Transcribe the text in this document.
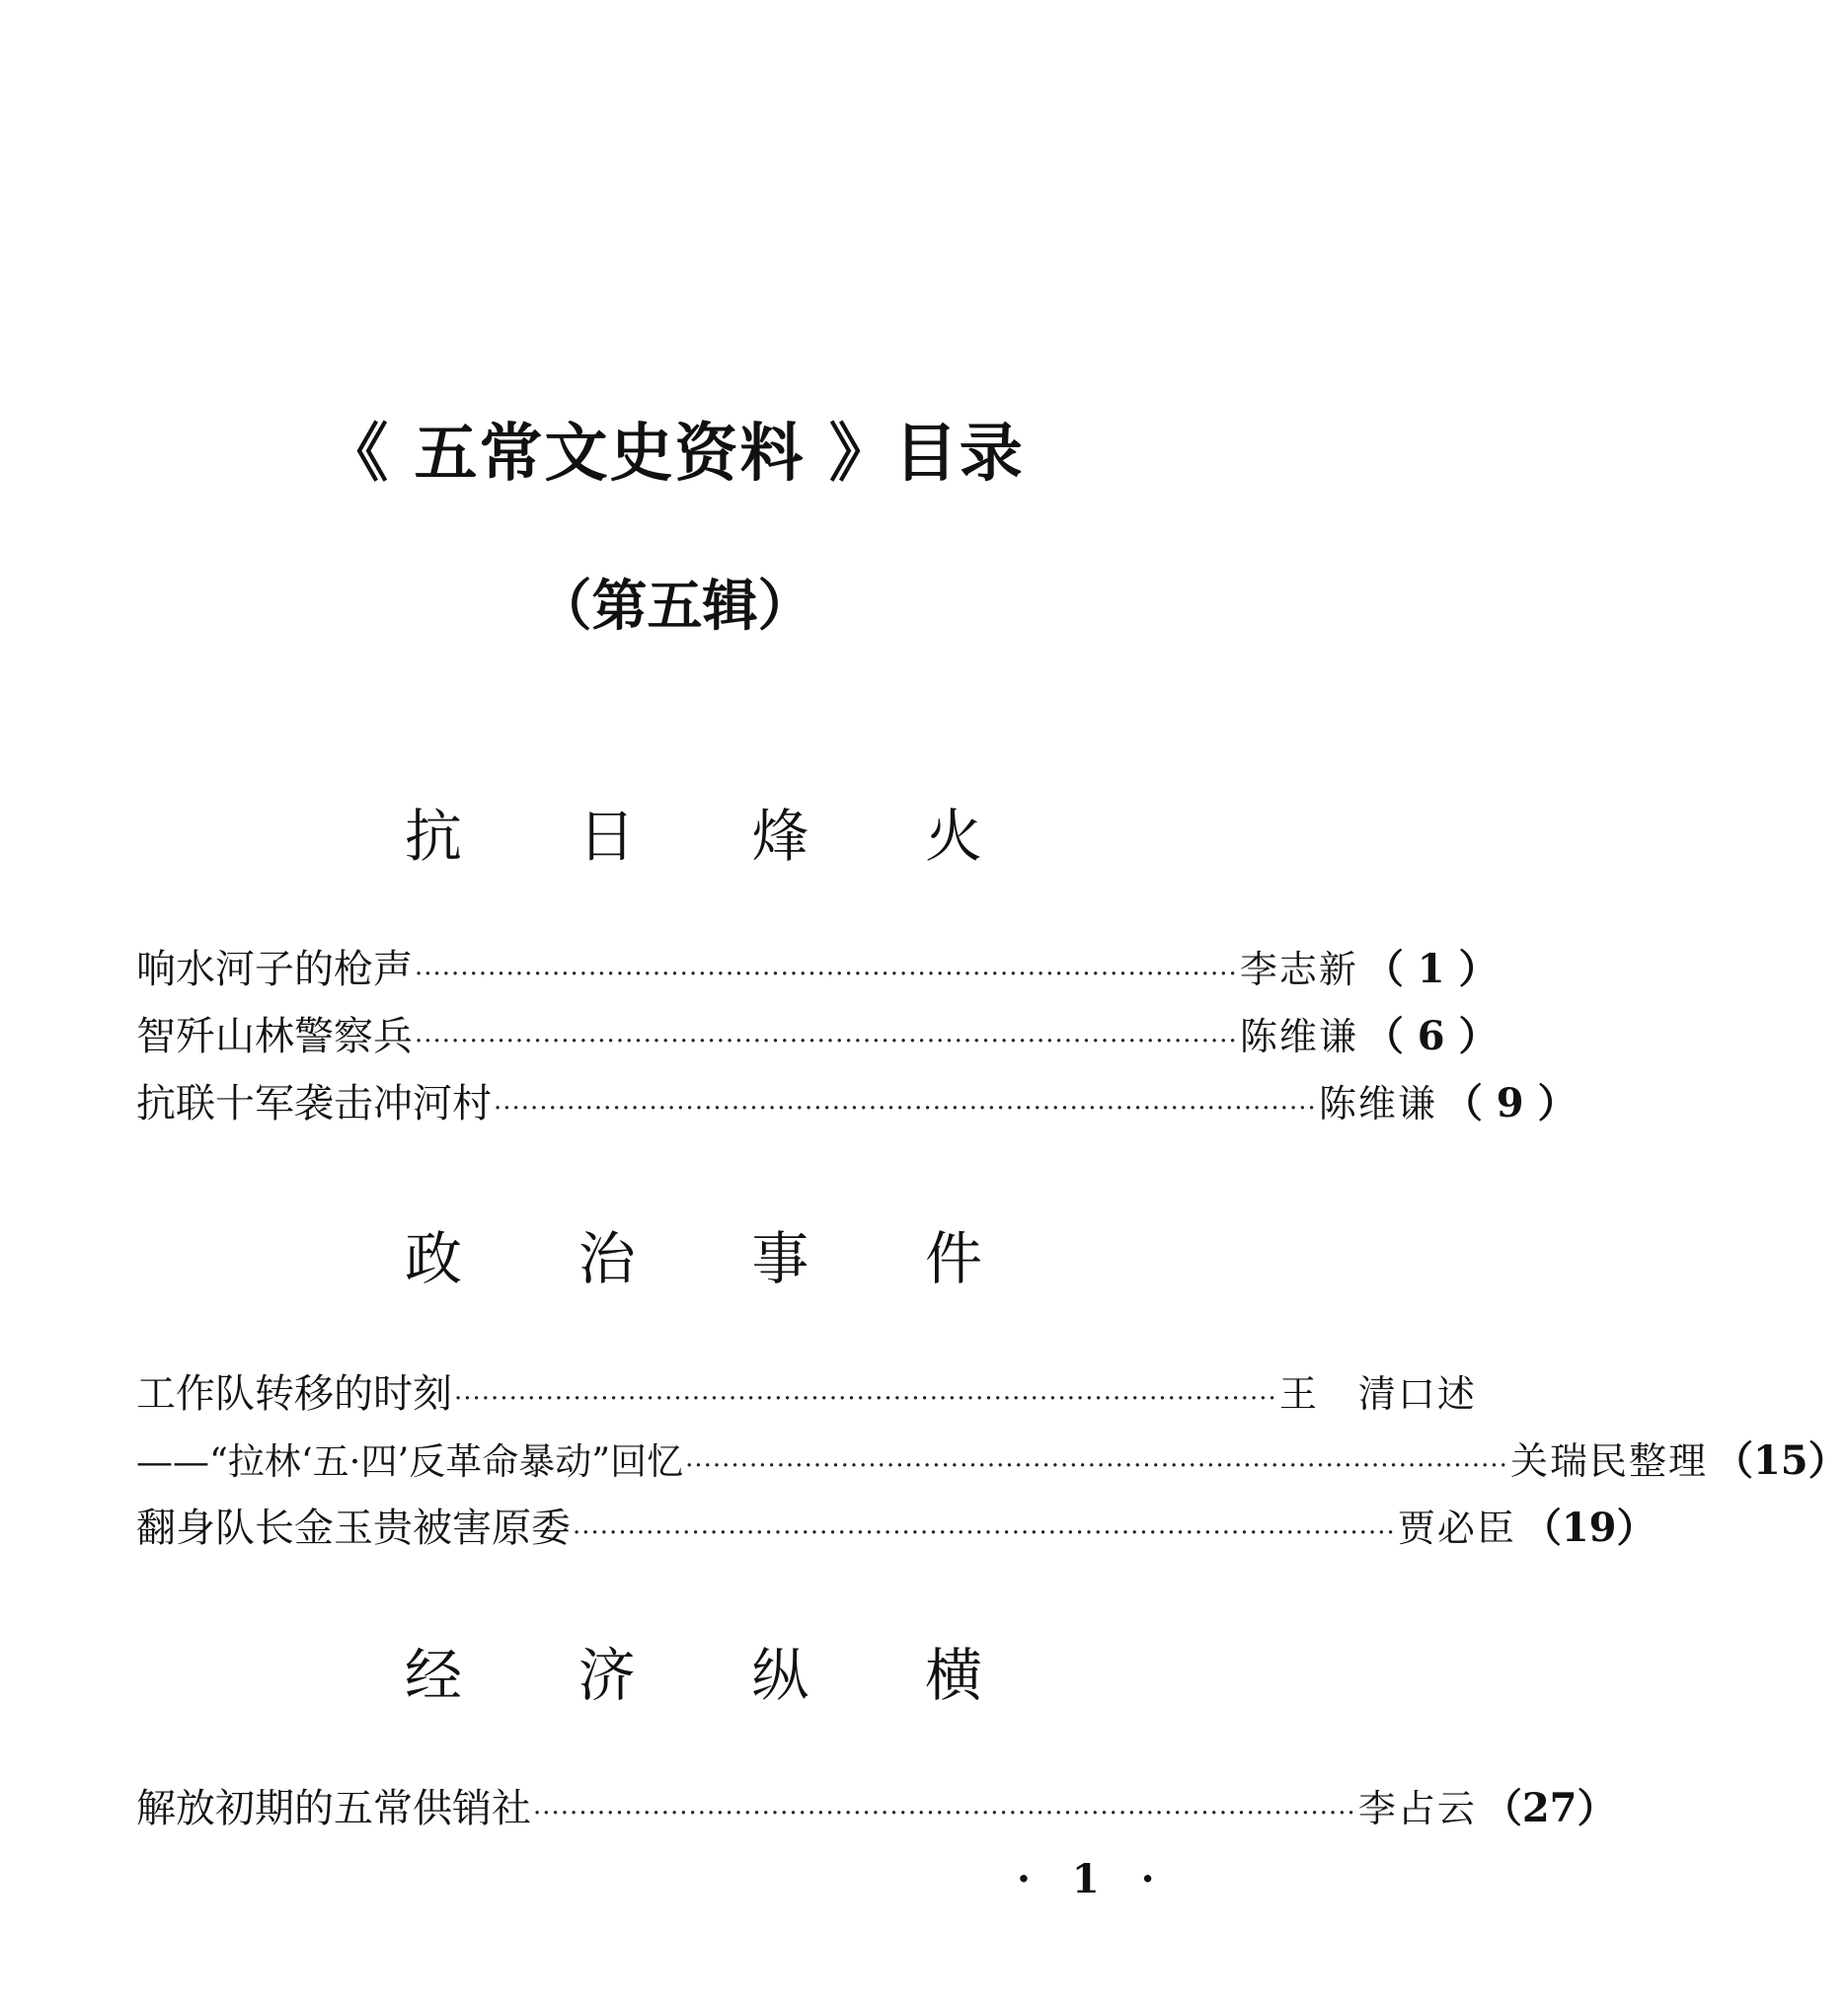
《 五常文史资料 》目录
（第五辑）
抗 日 烽 火
响水河子的枪声 ·························································································· 李志新 （ 1 ）
智歼山林警察兵 ·························································································· 陈维谦 （ 6 ）
抗联十军袭击冲河村 ·························································································· 陈维谦 （ 9 ）
政 治 事 件
工作队转移的时刻 ·························································································· 王　清口述
——“拉林‘五·四’反革命暴动”回忆 ·························································································· 关瑞民整理 （15）
翻身队长金玉贵被害原委 ·························································································· 贾必臣 （19）
经 济 纵 横
解放初期的五常供销社 ·························································································· 李占云 （27）
· 1 ·
